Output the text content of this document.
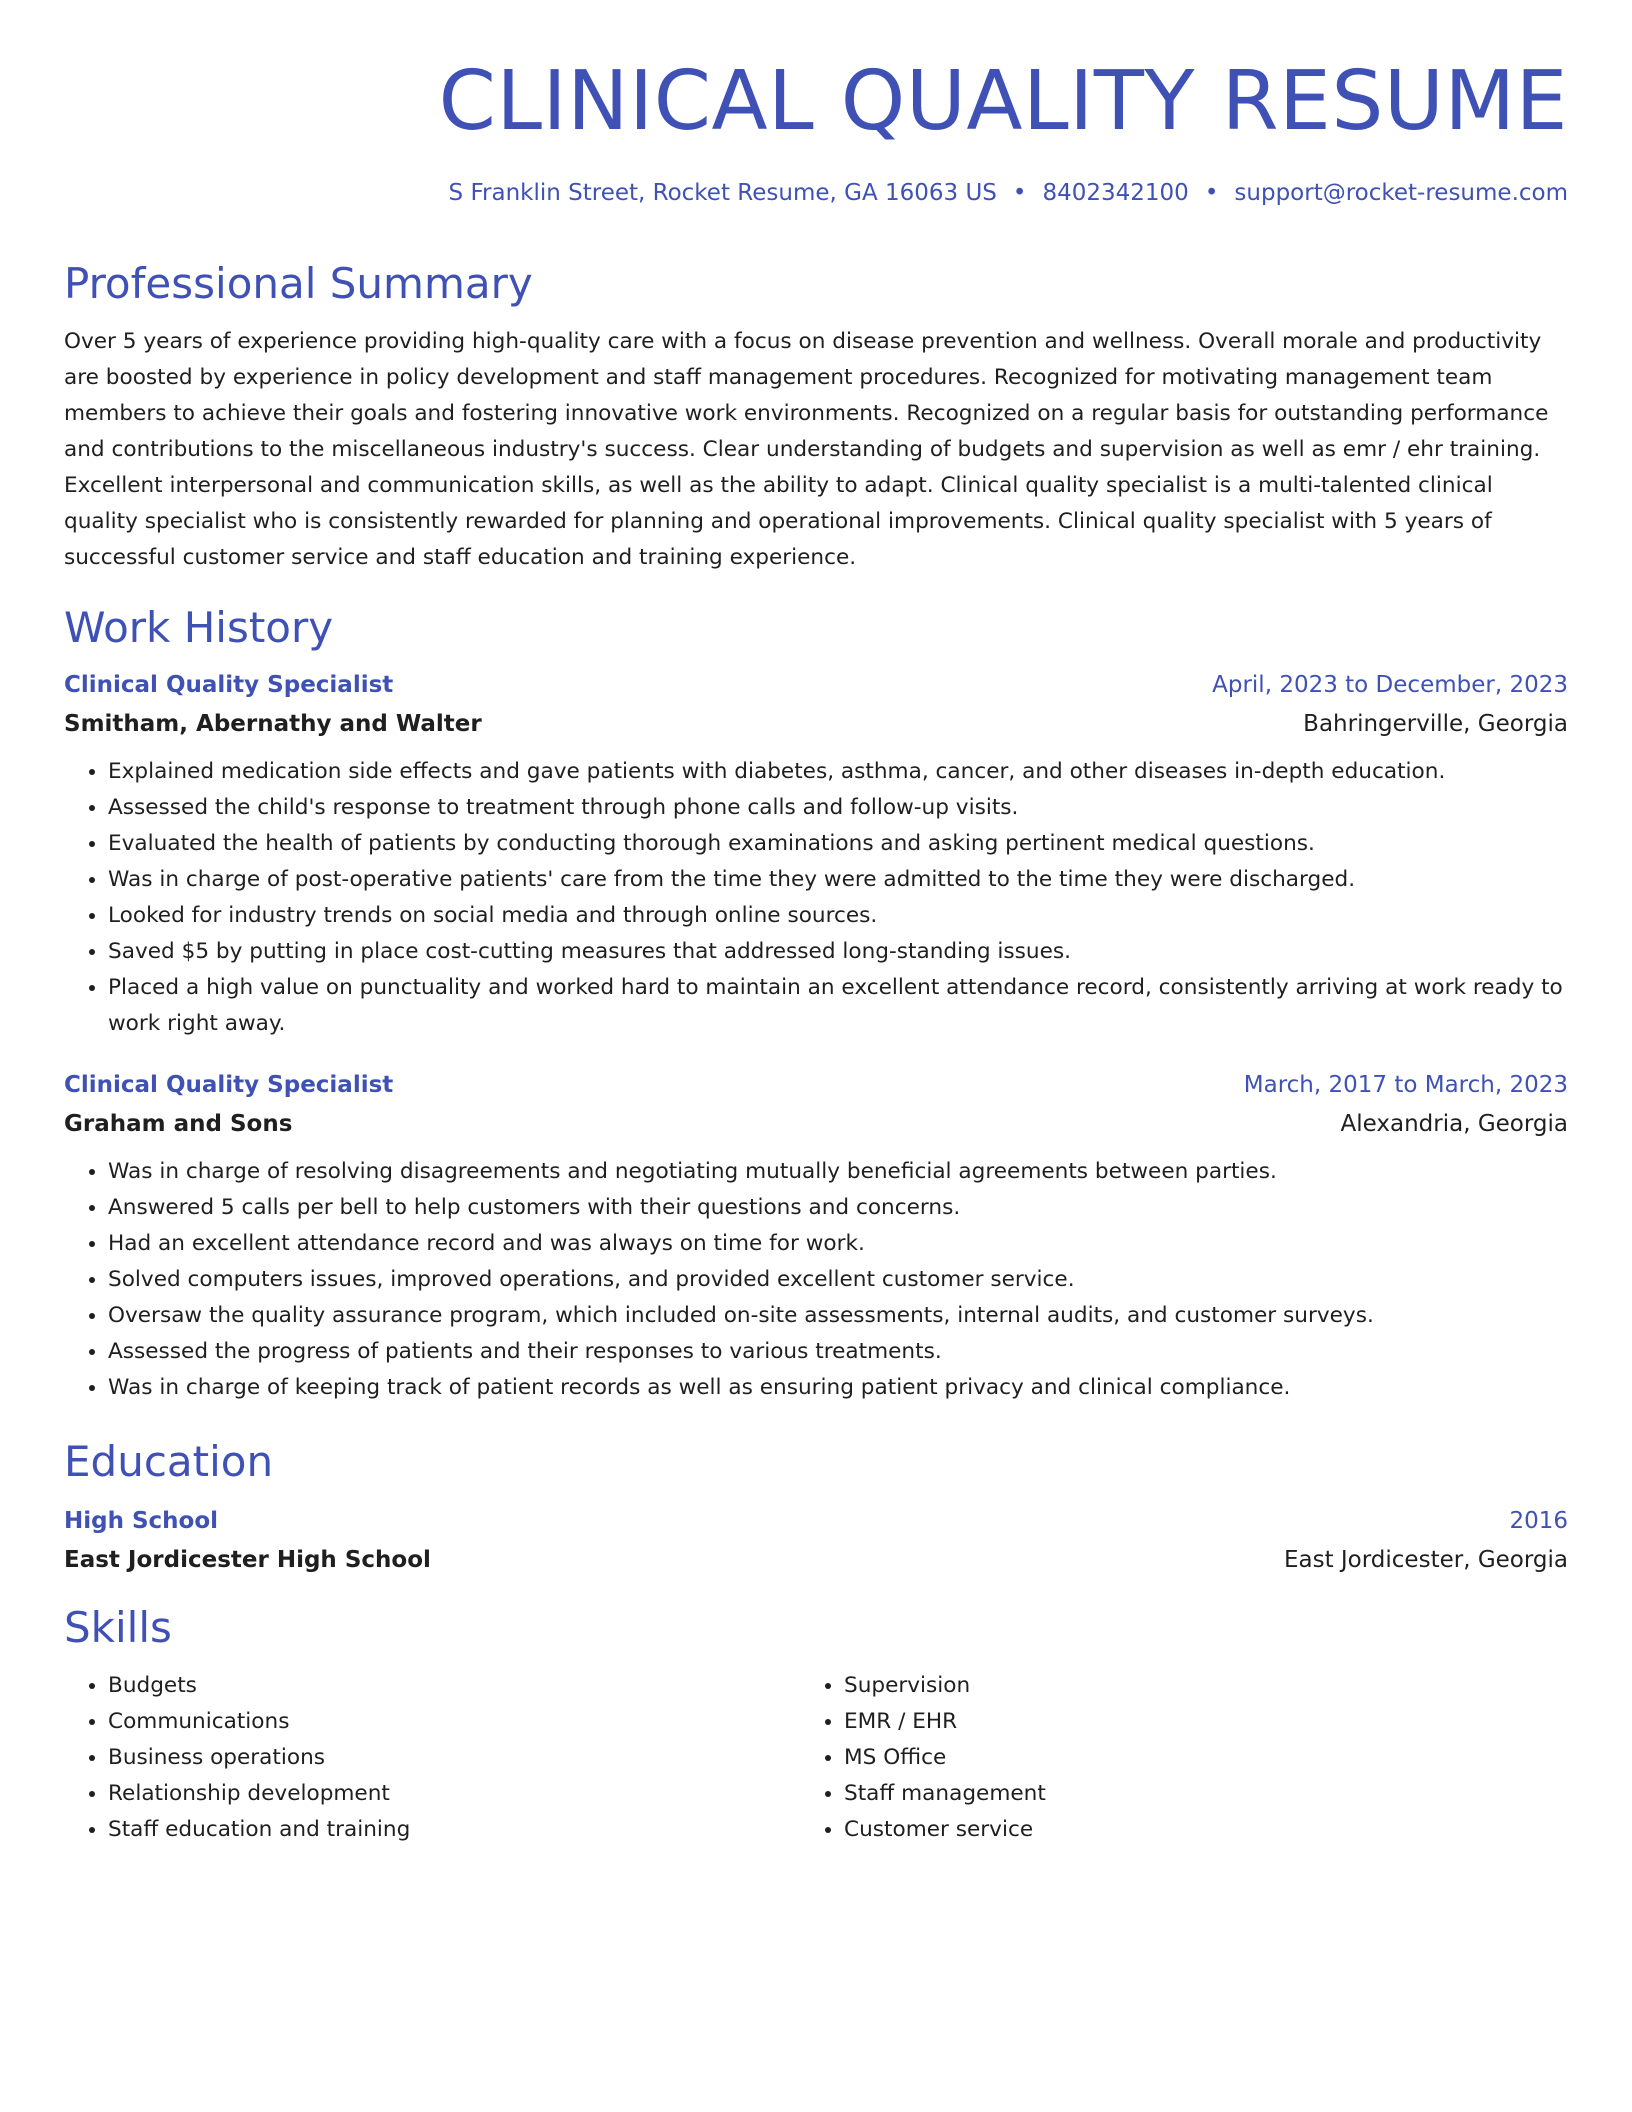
CLINICAL QUALITY RESUME
S Franklin Street, Rocket Resume, GA 16063 US • 8402342100 • support@rocket-resume.com
Professional Summary
Over 5 years of experience providing high-quality care with a focus on disease prevention and wellness. Overall morale and productivity are boosted by experience in policy development and staff management procedures. Recognized for motivating management team members to achieve their goals and fostering innovative work environments. Recognized on a regular basis for outstanding performance and contributions to the miscellaneous industry's success. Clear understanding of budgets and supervision as well as emr / ehr training. Excellent interpersonal and communication skills, as well as the ability to adapt. Clinical quality specialist is a multi-talented clinical quality specialist who is consistently rewarded for planning and operational improvements. Clinical quality specialist with 5 years of successful customer service and staff education and training experience.
Work History
Clinical Quality Specialist	April, 2023 to December, 2023
Smitham, Abernathy and Walter	Bahringerville, Georgia
• Explained medication side effects and gave patients with diabetes, asthma, cancer, and other diseases in-depth education.
• Assessed the child's response to treatment through phone calls and follow-up visits.
• Evaluated the health of patients by conducting thorough examinations and asking pertinent medical questions.
• Was in charge of post-operative patients' care from the time they were admitted to the time they were discharged.
• Looked for industry trends on social media and through online sources.
• Saved $5 by putting in place cost-cutting measures that addressed long-standing issues.
• Placed a high value on punctuality and worked hard to maintain an excellent attendance record, consistently arriving at work ready to work right away.
Clinical Quality Specialist	March, 2017 to March, 2023
Graham and Sons	Alexandria, Georgia
• Was in charge of resolving disagreements and negotiating mutually beneficial agreements between parties.
• Answered 5 calls per bell to help customers with their questions and concerns.
• Had an excellent attendance record and was always on time for work.
• Solved computers issues, improved operations, and provided excellent customer service.
• Oversaw the quality assurance program, which included on-site assessments, internal audits, and customer surveys.
• Assessed the progress of patients and their responses to various treatments.
• Was in charge of keeping track of patient records as well as ensuring patient privacy and clinical compliance.
Education
High School	2016
East Jordicester High School	East Jordicester, Georgia
Skills
• Budgets
• Communications
• Business operations
• Relationship development
• Staff education and training
• Supervision
• EMR / EHR
• MS Office
• Staff management
• Customer service
